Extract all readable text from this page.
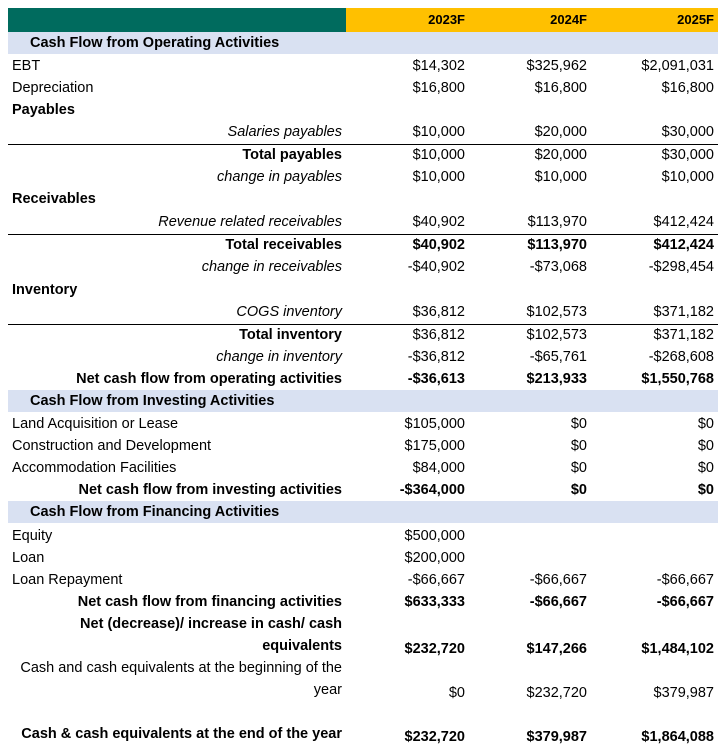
2023F	2024F	2025F
Cash Flow from Operating Activities
EBT	$14,302	$325,962	$2,091,031
Depreciation	$16,800	$16,800	$16,800
Payables
Salaries payables	$10,000	$20,000	$30,000
Total payables	$10,000	$20,000	$30,000
change in payables	$10,000	$10,000	$10,000
Receivables
Revenue related receivables	$40,902	$113,970	$412,424
Total receivables	$40,902	$113,970	$412,424
change in receivables	-$40,902	-$73,068	-$298,454
Inventory
COGS inventory	$36,812	$102,573	$371,182
Total inventory	$36,812	$102,573	$371,182
change in inventory	-$36,812	-$65,761	-$268,608
Net cash flow from operating activities	-$36,613	$213,933	$1,550,768
Cash Flow from Investing Activities
Land Acquisition or Lease	$105,000	$0	$0
Construction and Development	$175,000	$0	$0
Accommodation Facilities	$84,000	$0	$0
Net cash flow from investing activities	-$364,000	$0	$0
Cash Flow from Financing Activities
Equity	$500,000
Loan	$200,000
Loan Repayment	-$66,667	-$66,667	-$66,667
Net cash flow from financing activities	$633,333	-$66,667	-$66,667
Net (decrease)/ increase in cash/ cash equivalents	$232,720	$147,266	$1,484,102
Cash and cash equivalents at the beginning of the year	$0	$232,720	$379,987
Cash & cash equivalents at the end of the year	$232,720	$379,987	$1,864,088
